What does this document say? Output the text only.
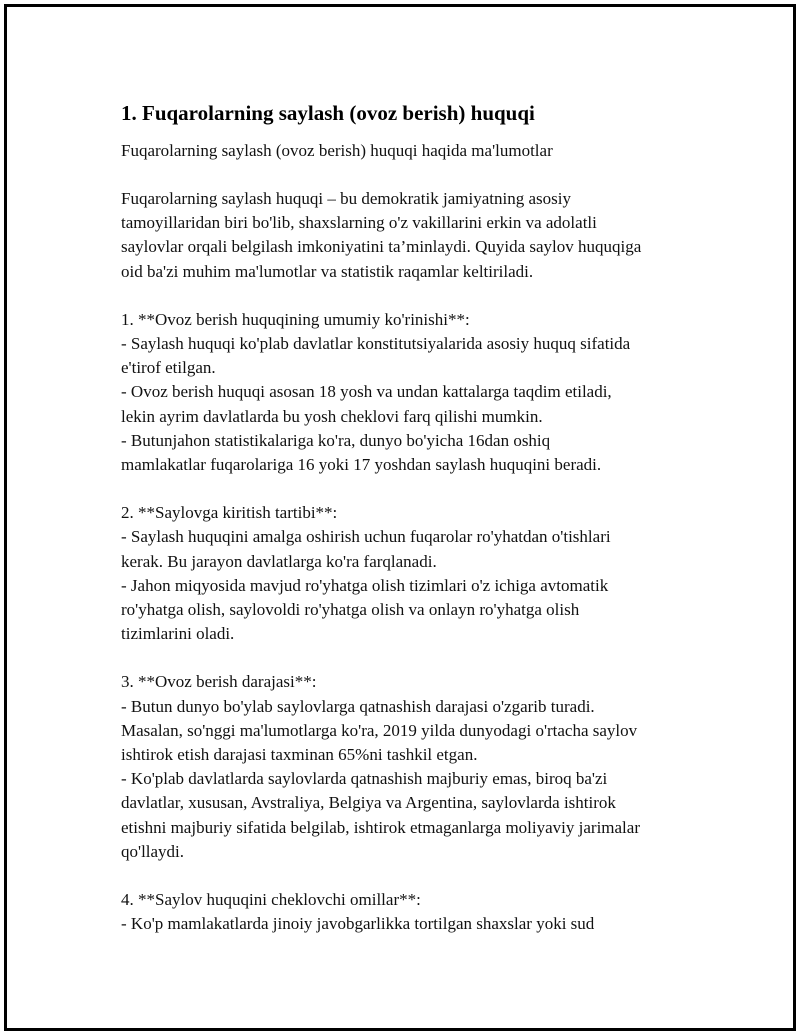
1. Fuqarolarning saylash (ovoz berish) huquqi

Fuqarolarning saylash (ovoz berish) huquqi haqida ma'lumotlar

Fuqarolarning saylash huquqi – bu demokratik jamiyatning asosiy
tamoyillaridan biri bo'lib, shaxslarning o'z vakillarini erkin va adolatli
saylovlar orqali belgilash imkoniyatini ta’minlaydi. Quyida saylov huquqiga
oid ba'zi muhim ma'lumotlar va statistik raqamlar keltiriladi.

1. **Ovoz berish huquqining umumiy ko'rinishi**:
- Saylash huquqi ko'plab davlatlar konstitutsiyalarida asosiy huquq sifatida
e'tirof etilgan.
- Ovoz berish huquqi asosan 18 yosh va undan kattalarga taqdim etiladi,
lekin ayrim davlatlarda bu yosh cheklovi farq qilishi mumkin.
- Butunjahon statistikalariga ko'ra, dunyo bo'yicha 16dan oshiq
mamlakatlar fuqarolariga 16 yoki 17 yoshdan saylash huquqini beradi.

2. **Saylovga kiritish tartibi**:
- Saylash huquqini amalga oshirish uchun fuqarolar ro'yhatdan o'tishlari
kerak. Bu jarayon davlatlarga ko'ra farqlanadi.
- Jahon miqyosida mavjud ro'yhatga olish tizimlari o'z ichiga avtomatik
ro'yhatga olish, saylovoldi ro'yhatga olish va onlayn ro'yhatga olish
tizimlarini oladi.

3. **Ovoz berish darajasi**:
- Butun dunyo bo'ylab saylovlarga qatnashish darajasi o'zgarib turadi.
Masalan, so'nggi ma'lumotlarga ko'ra, 2019 yilda dunyodagi o'rtacha saylov
ishtirok etish darajasi taxminan 65%ni tashkil etgan.
- Ko'plab davlatlarda saylovlarda qatnashish majburiy emas, biroq ba'zi
davlatlar, xususan, Avstraliya, Belgiya va Argentina, saylovlarda ishtirok
etishni majburiy sifatida belgilab, ishtirok etmaganlarga moliyaviy jarimalar
qo'llaydi.

4. **Saylov huquqini cheklovchi omillar**:
- Ko'p mamlakatlarda jinoiy javobgarlikka tortilgan shaxslar yoki sud
